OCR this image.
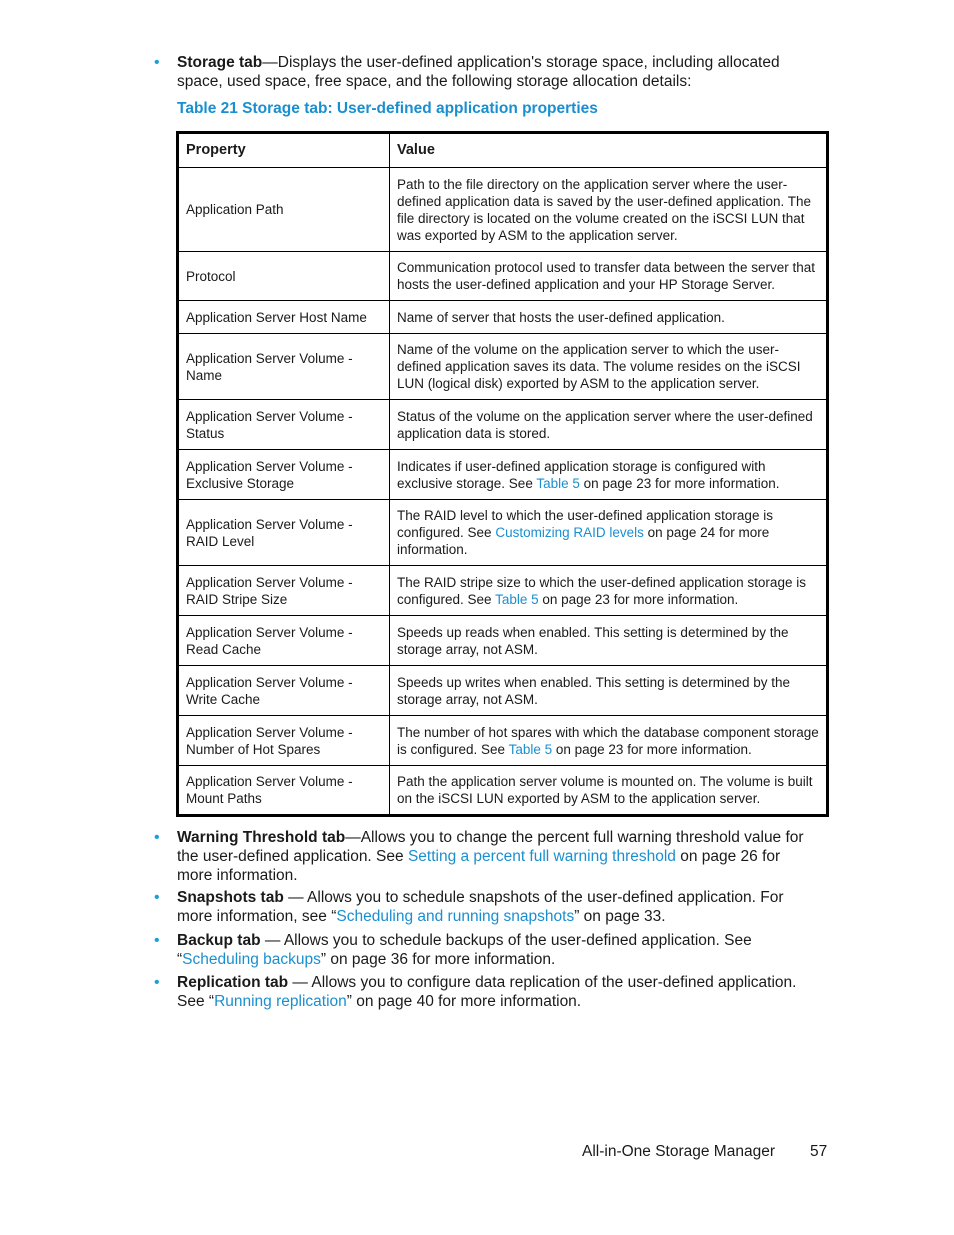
• Storage tab—Displays the user-defined application's storage space, including allocated space, used space, free space, and the following storage allocation details:
Table 21 Storage tab: User-defined application properties
Property	Value
Application Path	Path to the file directory on the application server where the user-defined application data is saved by the user-defined application. The file directory is located on the volume created on the iSCSI LUN that was exported by ASM to the application server.
Protocol	Communication protocol used to transfer data between the server that hosts the user-defined application and your HP Storage Server.
Application Server Host Name	Name of server that hosts the user-defined application.
Application Server Volume - Name	Name of the volume on the application server to which the user-defined application saves its data. The volume resides on the iSCSI LUN (logical disk) exported by ASM to the application server.
Application Server Volume - Status	Status of the volume on the application server where the user-defined application data is stored.
Application Server Volume - Exclusive Storage	Indicates if user-defined application storage is configured with exclusive storage. See Table 5 on page 23 for more information.
Application Server Volume - RAID Level	The RAID level to which the user-defined application storage is configured. See Customizing RAID levels on page 24 for more information.
Application Server Volume - RAID Stripe Size	The RAID stripe size to which the user-defined application storage is configured. See Table 5 on page 23 for more information.
Application Server Volume - Read Cache	Speeds up reads when enabled. This setting is determined by the storage array, not ASM.
Application Server Volume - Write Cache	Speeds up writes when enabled. This setting is determined by the storage array, not ASM.
Application Server Volume - Number of Hot Spares	The number of hot spares with which the database component storage is configured. See Table 5 on page 23 for more information.
Application Server Volume - Mount Paths	Path the application server volume is mounted on. The volume is built on the iSCSI LUN exported by ASM to the application server.
• Warning Threshold tab—Allows you to change the percent full warning threshold value for the user-defined application. See Setting a percent full warning threshold on page 26 for more information.
• Snapshots tab — Allows you to schedule snapshots of the user-defined application. For more information, see “Scheduling and running snapshots” on page 33.
• Backup tab — Allows you to schedule backups of the user-defined application. See “Scheduling backups” on page 36 for more information.
• Replication tab — Allows you to configure data replication of the user-defined application. See “Running replication” on page 40 for more information.
All-in-One Storage Manager 57
